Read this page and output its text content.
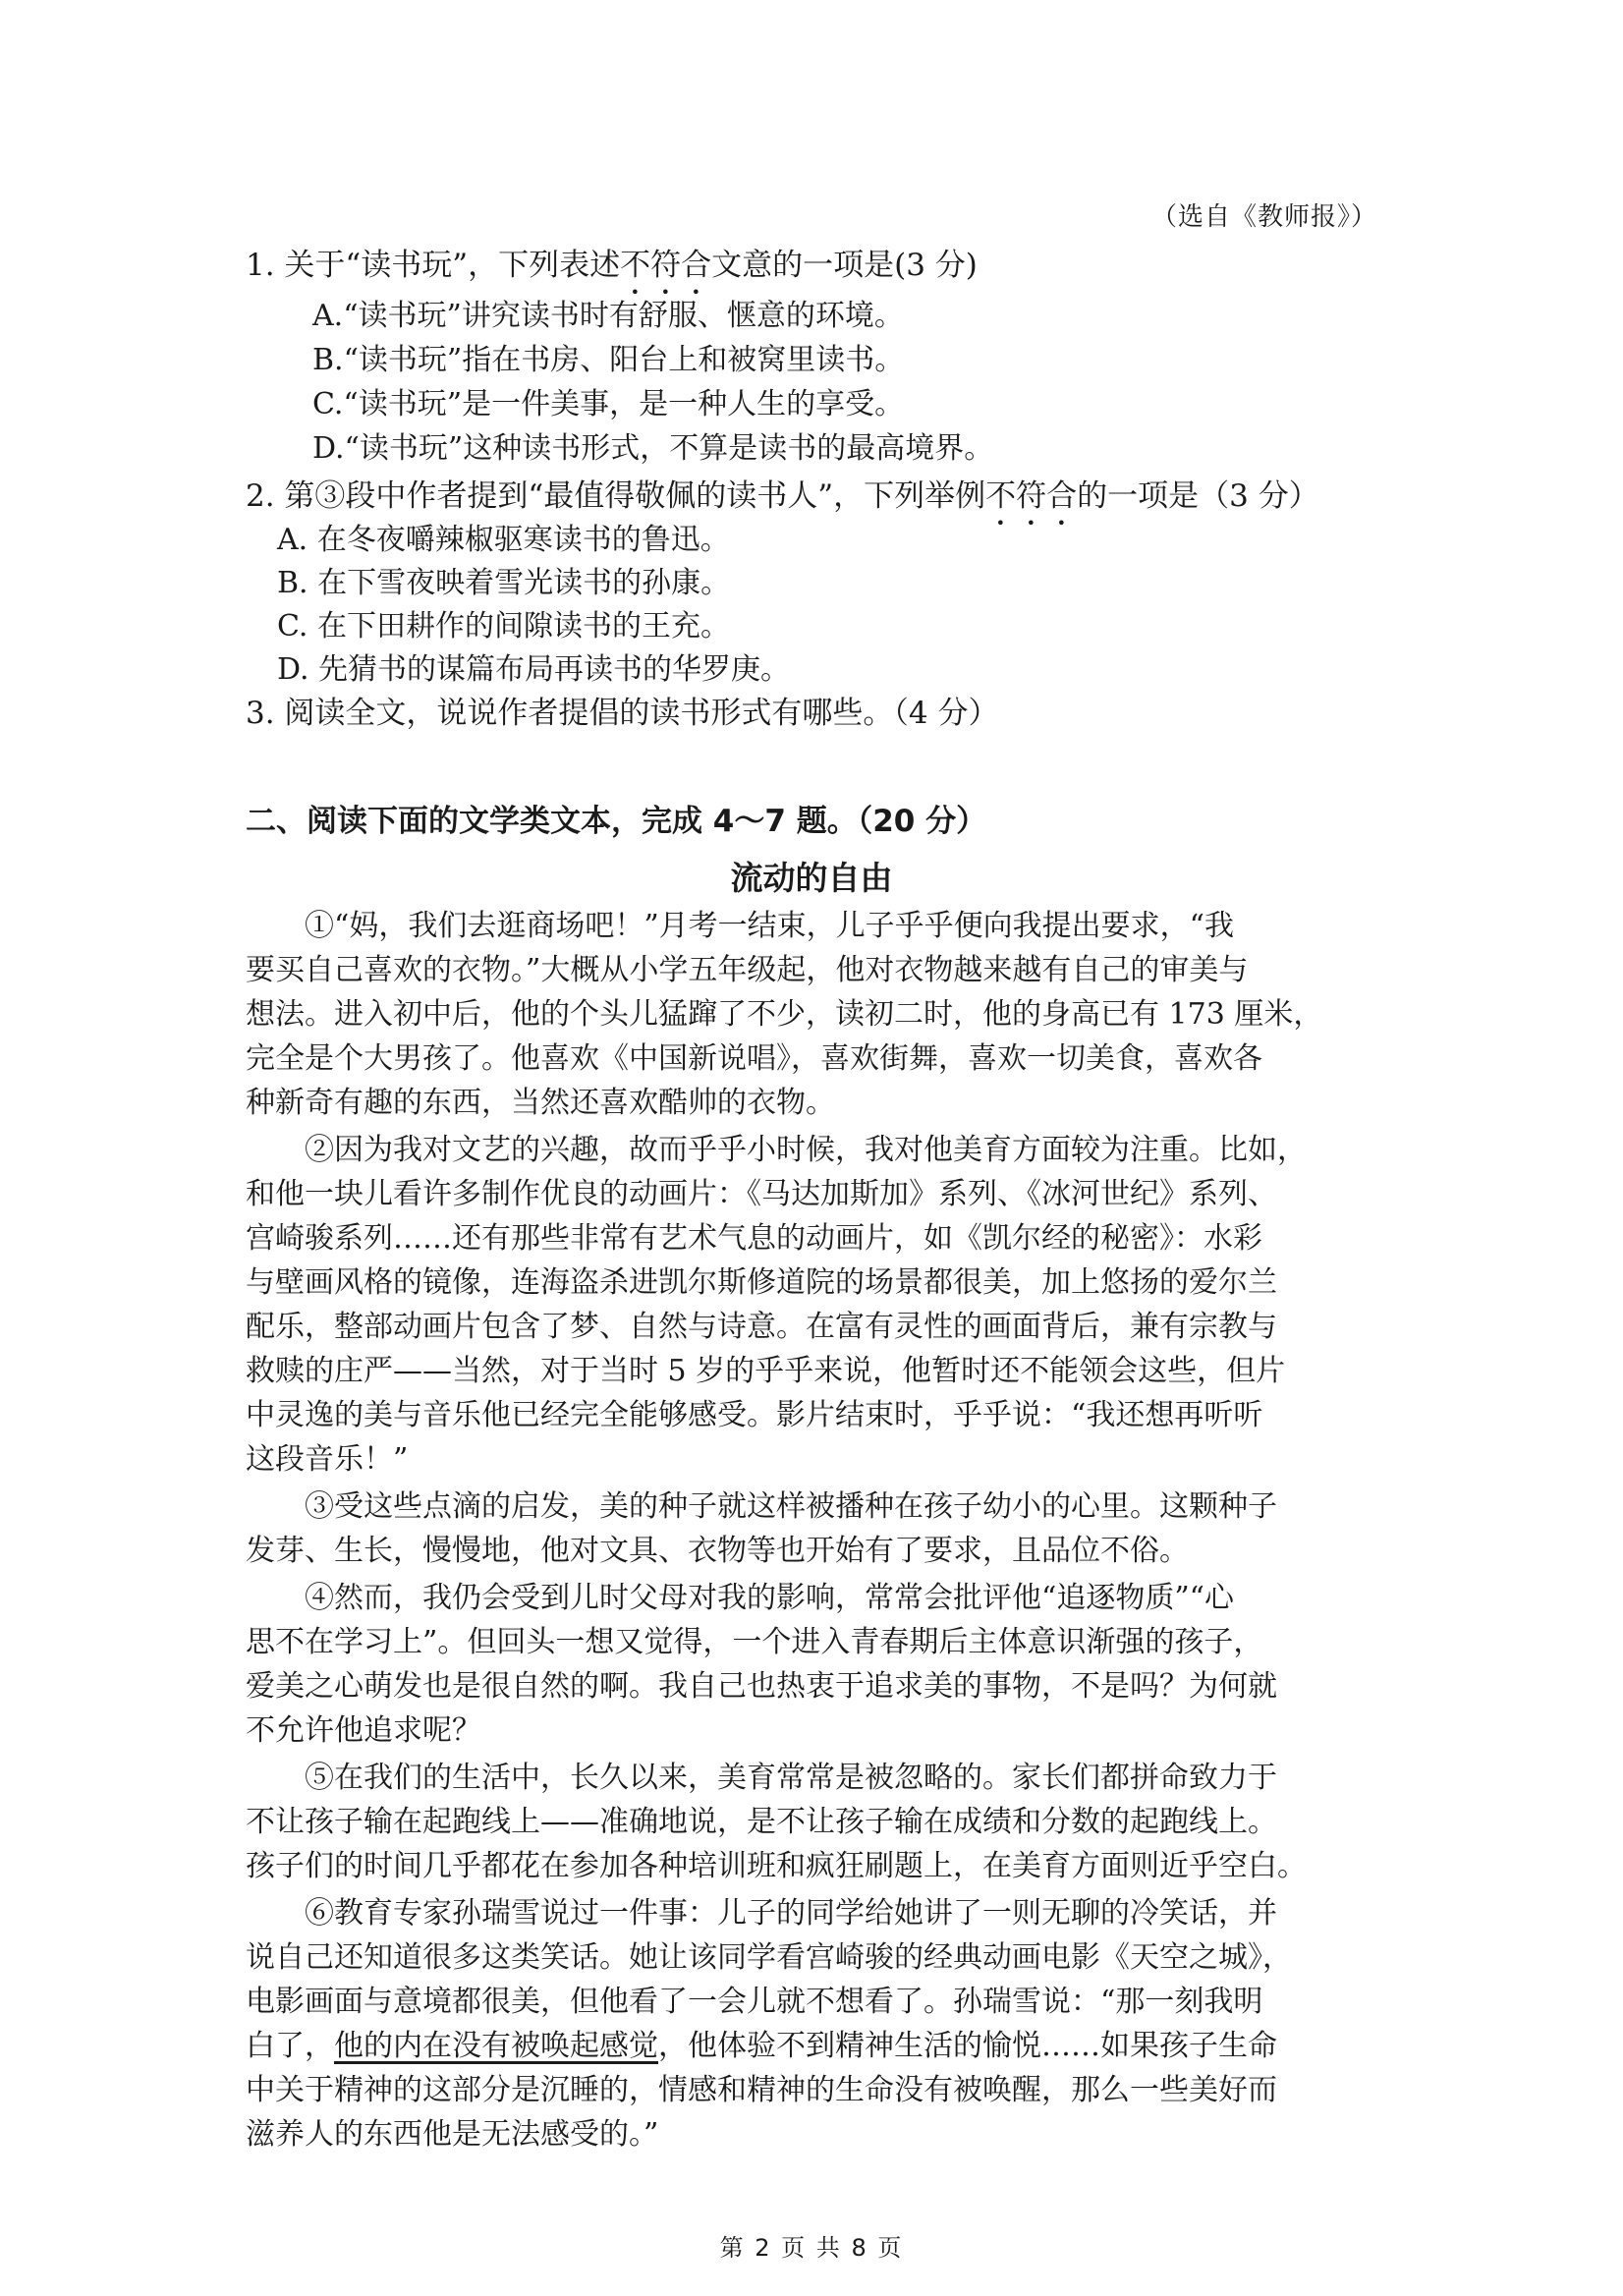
（选自《教师报》）
1. 关于“读书玩”，下列表述不符合文意的一项是(3 分)
A.“读书玩”讲究读书时有舒服、惬意的环境。
B.“读书玩”指在书房、阳台上和被窝里读书。
C.“读书玩”是一件美事，是一种人生的享受。
D.“读书玩”这种读书形式，不算是读书的最高境界。
2. 第③段中作者提到“最值得敬佩的读书人”，下列举例不符合的一项是（3 分）
A. 在冬夜嚼辣椒驱寒读书的鲁迅。
B. 在下雪夜映着雪光读书的孙康。
C. 在下田耕作的间隙读书的王充。
D. 先猜书的谋篇布局再读书的华罗庚。
3. 阅读全文，说说作者提倡的读书形式有哪些。（4 分）
二、阅读下面的文学类文本，完成 4～7 题。（20 分）
流动的自由
①“妈，我们去逛商场吧！”月考一结束，儿子乎乎便向我提出要求，“我
要买自己喜欢的衣物。”大概从小学五年级起，他对衣物越来越有自己的审美与
想法。进入初中后，他的个头儿猛蹿了不少，读初二时，他的身高已有 173 厘米，
完全是个大男孩了。他喜欢《中国新说唱》，喜欢街舞，喜欢一切美食，喜欢各
种新奇有趣的东西，当然还喜欢酷帅的衣物。
②因为我对文艺的兴趣，故而乎乎小时候，我对他美育方面较为注重。比如，
和他一块儿看许多制作优良的动画片：《马达加斯加》系列、《冰河世纪》系列、
宫崎骏系列……还有那些非常有艺术气息的动画片，如《凯尔经的秘密》：水彩
与壁画风格的镜像，连海盗杀进凯尔斯修道院的场景都很美，加上悠扬的爱尔兰
配乐，整部动画片包含了梦、自然与诗意。在富有灵性的画面背后，兼有宗教与
救赎的庄严——当然，对于当时 5 岁的乎乎来说，他暂时还不能领会这些，但片
中灵逸的美与音乐他已经完全能够感受。影片结束时，乎乎说：“我还想再听听
这段音乐！”
③受这些点滴的启发，美的种子就这样被播种在孩子幼小的心里。这颗种子
发芽、生长，慢慢地，他对文具、衣物等也开始有了要求，且品位不俗。
④然而，我仍会受到儿时父母对我的影响，常常会批评他“追逐物质”“心
思不在学习上”。但回头一想又觉得，一个进入青春期后主体意识渐强的孩子，
爱美之心萌发也是很自然的啊。我自己也热衷于追求美的事物，不是吗？为何就
不允许他追求呢？
⑤在我们的生活中，长久以来，美育常常是被忽略的。家长们都拼命致力于
不让孩子输在起跑线上——准确地说，是不让孩子输在成绩和分数的起跑线上。
孩子们的时间几乎都花在参加各种培训班和疯狂刷题上，在美育方面则近乎空白。
⑥教育专家孙瑞雪说过一件事：儿子的同学给她讲了一则无聊的冷笑话，并
说自己还知道很多这类笑话。她让该同学看宫崎骏的经典动画电影《天空之城》，
电影画面与意境都很美，但他看了一会儿就不想看了。孙瑞雪说：“那一刻我明
白了，他的内在没有被唤起感觉，他体验不到精神生活的愉悦……如果孩子生命
中关于精神的这部分是沉睡的，情感和精神的生命没有被唤醒，那么一些美好而
滋养人的东西他是无法感受的。”
第 2 页 共 8 页
